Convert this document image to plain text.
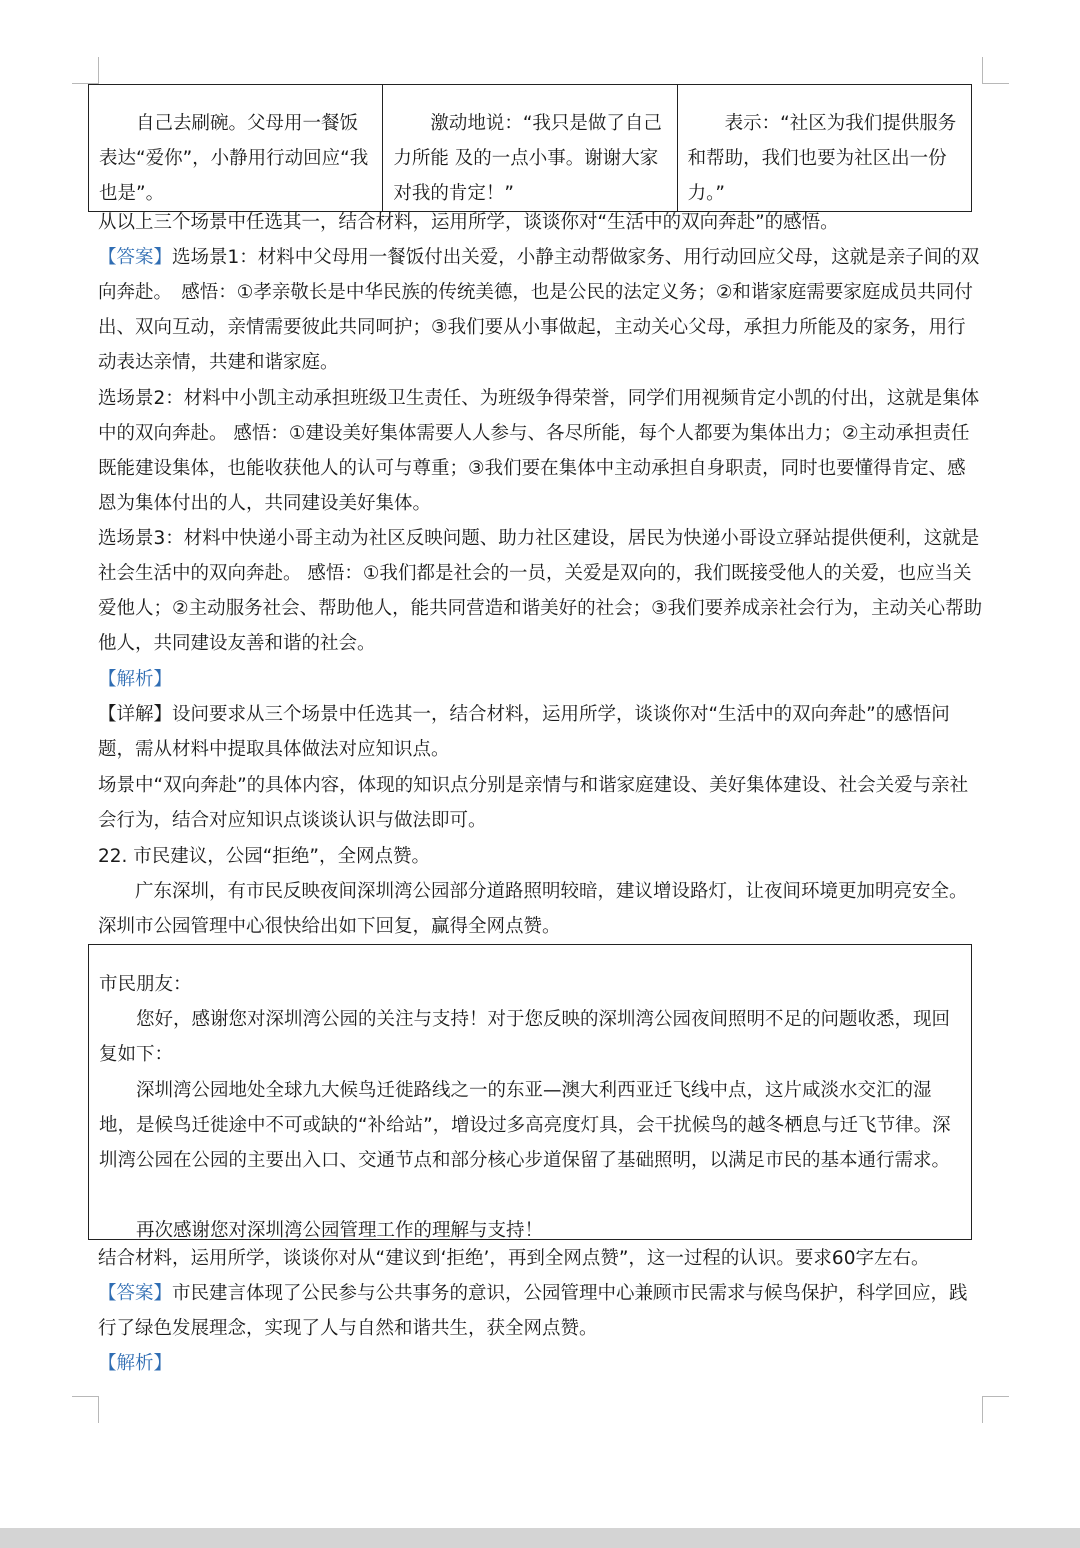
自己去刷碗。父母用一餐饭表达“爱你”，小静用行动回应“我也是”。	激动地说：“我只是做了自己力所能 及的一点小事。谢谢大家对我的肯定！”	表示：“社区为我们提供服务和帮助，我们也要为社区出一份力。”

从以上三个场景中任选其一，结合材料，运用所学，谈谈你对“生活中的双向奔赴”的感悟。

【答案】选场景1：材料中父母用一餐饭付出关爱，小静主动帮做家务、用行动回应父母，这就是亲子间的双向奔赴。　感悟：①孝亲敬长是中华民族的传统美德，也是公民的法定义务；②和谐家庭需要家庭成员共同付出、双向互动，亲情需要彼此共同呵护；③我们要从小事做起，主动关心父母，承担力所能及的家务，用行动表达亲情，共建和谐家庭。

选场景2：材料中小凯主动承担班级卫生责任、为班级争得荣誉，同学们用视频肯定小凯的付出，这就是集体中的双向奔赴。 感悟：①建设美好集体需要人人参与、各尽所能，每个人都要为集体出力；②主动承担责任既能建设集体，也能收获他人的认可与尊重；③我们要在集体中主动承担自身职责，同时也要懂得肯定、感恩为集体付出的人，共同建设美好集体。

选场景3：材料中快递小哥主动为社区反映问题、助力社区建设，居民为快递小哥设立驿站提供便利，这就是社会生活中的双向奔赴。 感悟：①我们都是社会的一员，关爱是双向的，我们既接受他人的关爱，也应当关爱他人；②主动服务社会、帮助他人，能共同营造和谐美好的社会；③我们要养成亲社会行为，主动关心帮助他人，共同建设友善和谐的社会。

【解析】

【详解】设问要求从三个场景中任选其一，结合材料，运用所学，谈谈你对“生活中的双向奔赴”的感悟问题，需从材料中提取具体做法对应知识点。

场景中“双向奔赴”的具体内容，体现的知识点分别是亲情与和谐家庭建设、美好集体建设、社会关爱与亲社会行为，结合对应知识点谈谈认识与做法即可。

22. 市民建议，公园“拒绝”，全网点赞。

广东深圳，有市民反映夜间深圳湾公园部分道路照明较暗，建议增设路灯，让夜间环境更加明亮安全。深圳市公园管理中心很快给出如下回复，赢得全网点赞。

市民朋友：

您好，感谢您对深圳湾公园的关注与支持！对于您反映的深圳湾公园夜间照明不足的问题收悉，现回复如下：

深圳湾公园地处全球九大候鸟迁徙路线之一的东亚—澳大利西亚迁飞线中点，这片咸淡水交汇的湿地，是候鸟迁徙途中不可或缺的“补给站”，增设过多高亮度灯具，会干扰候鸟的越冬栖息与迁飞节律。深圳湾公园在公园的主要出入口、交通节点和部分核心步道保留了基础照明，以满足市民的基本通行需求。

再次感谢您对深圳湾公园管理工作的理解与支持！

结合材料，运用所学，谈谈你对从“建议到‘拒绝’，再到全网点赞”，这一过程的认识。要求60字左右。

【答案】市民建言体现了公民参与公共事务的意识，公园管理中心兼顾市民需求与候鸟保护，科学回应，践行了绿色发展理念，实现了人与自然和谐共生，获全网点赞。

【解析】
